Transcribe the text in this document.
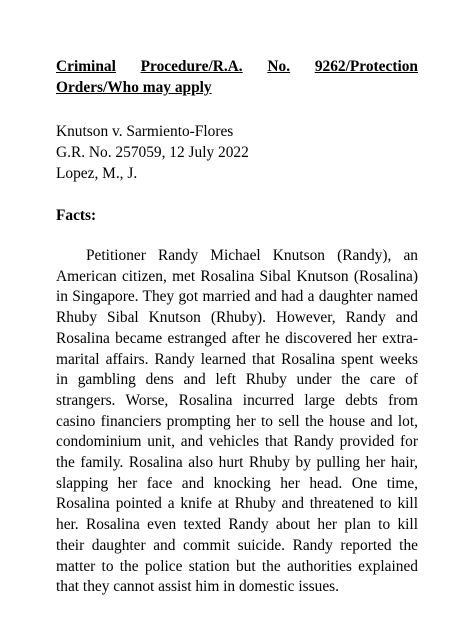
Criminal Procedure/R.A. No. 9262/Protection
Orders/Who may apply
Knutson v. Sarmiento-Flores
G.R. No. 257059, 12 July 2022
Lopez, M., J.
Facts:

Petitioner Randy Michael Knutson (Randy), an American citizen, met Rosalina Sibal Knutson (Rosalina) in Singapore. They got married and had a daughter named Rhuby Sibal Knutson (Rhuby). However, Randy and Rosalina became estranged after he discovered her extra-marital affairs. Randy learned that Rosalina spent weeks in gambling dens and left Rhuby under the care of strangers. Worse, Rosalina incurred large debts from casino financiers prompting her to sell the house and lot, condominium unit, and vehicles that Randy provided for the family. Rosalina also hurt Rhuby by pulling her hair, slapping her face and knocking her head. One time, Rosalina pointed a knife at Rhuby and threatened to kill her. Rosalina even texted Randy about her plan to kill their daughter and commit suicide. Randy reported the matter to the police station but the authorities explained that they cannot assist him in domestic issues.
